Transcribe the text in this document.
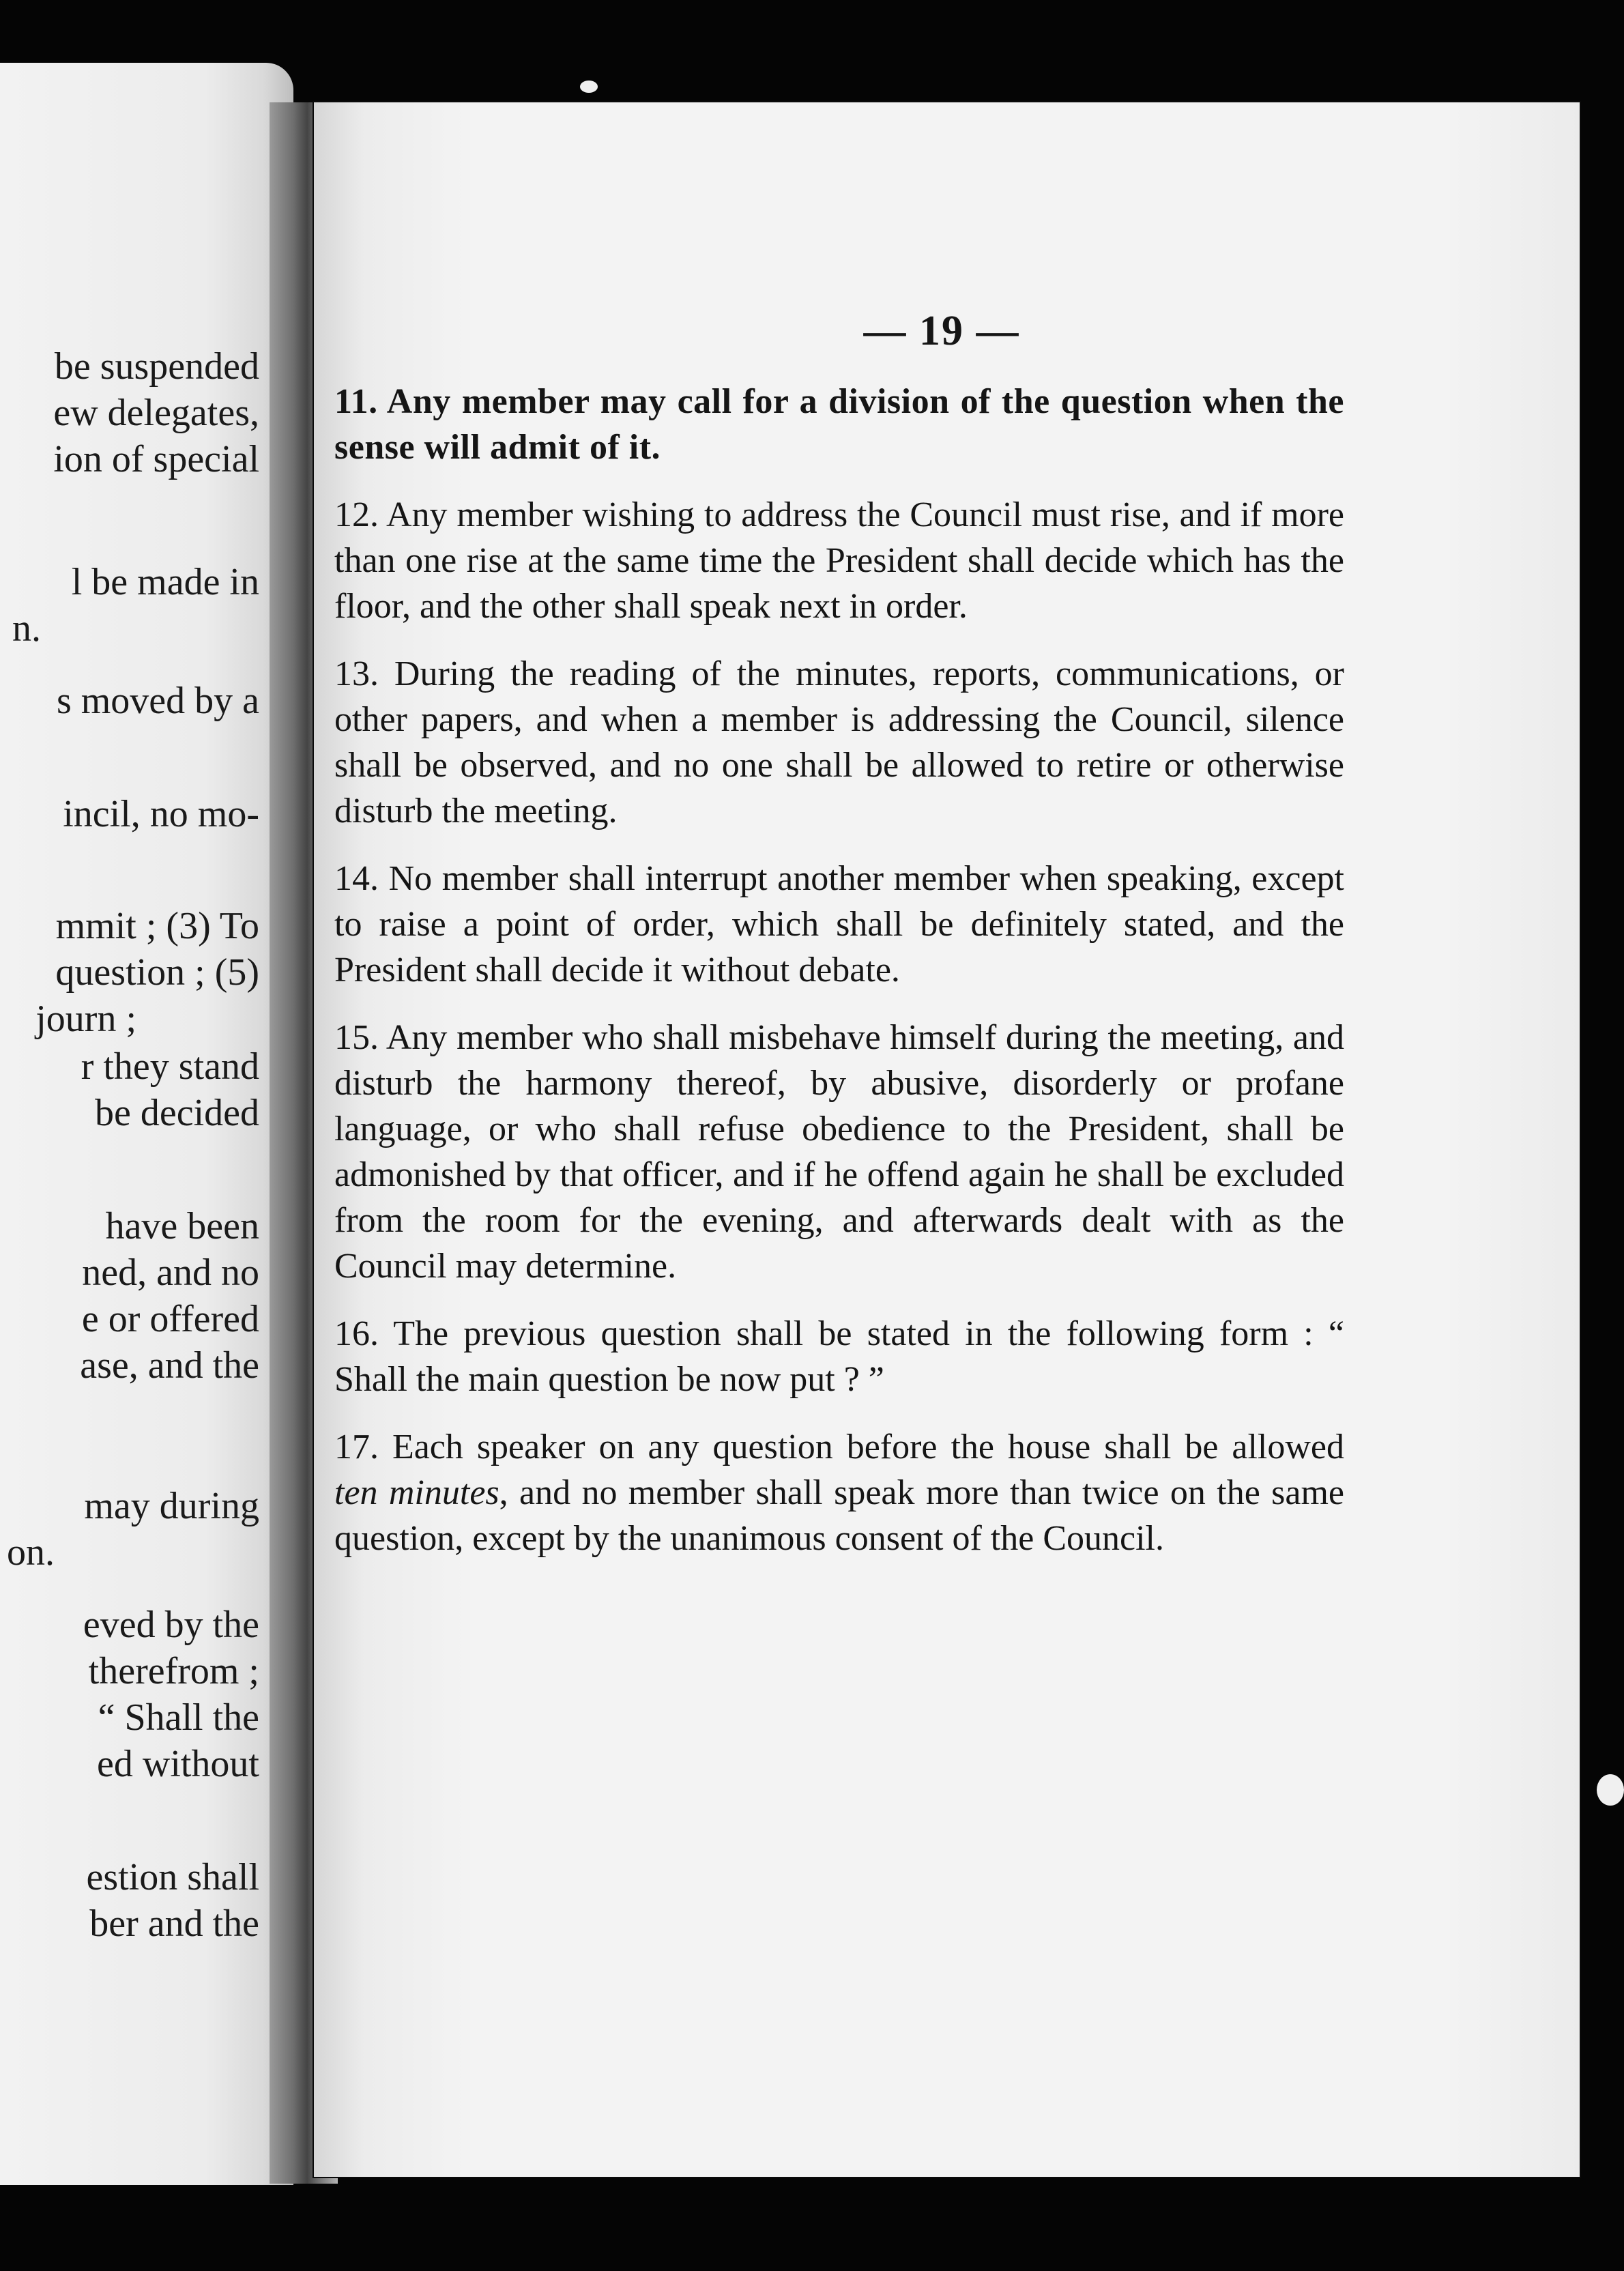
be suspended
ew delegates,
ion of special
l be made in
n.
s moved by a
incil, no mo-
mmit ; (3) To
question ; (5)
journ ;
r they stand
be decided
have been
ned, and no
e or offered
ase, and the
may during
on.
eved by the
therefrom ;
“ Shall the
ed without
estion shall
ber and the
— 19 —

11. Any member may call for a division of the question when the sense will admit of it.

12. Any member wishing to address the Council must rise, and if more than one rise at the same time the President shall decide which has the floor, and the other shall speak next in order.

13. During the reading of the minutes, reports, communications, or other papers, and when a member is addressing the Council, silence shall be observed, and no one shall be allowed to retire or otherwise disturb the meeting.

14. No member shall interrupt another member when speaking, except to raise a point of order, which shall be definitely stated, and the President shall decide it without debate.

15. Any member who shall misbehave himself during the meeting, and disturb the harmony thereof, by abusive, disorderly or profane language, or who shall refuse obedience to the President, shall be admonished by that officer, and if he offend again he shall be excluded from the room for the evening, and afterwards dealt with as the Council may determine.

16. The previous question shall be stated in the following form : “ Shall the main question be now put ? ”

17. Each speaker on any question before the house shall be allowed ten minutes, and no member shall speak more than twice on the same question, except by the unanimous consent of the Council.
